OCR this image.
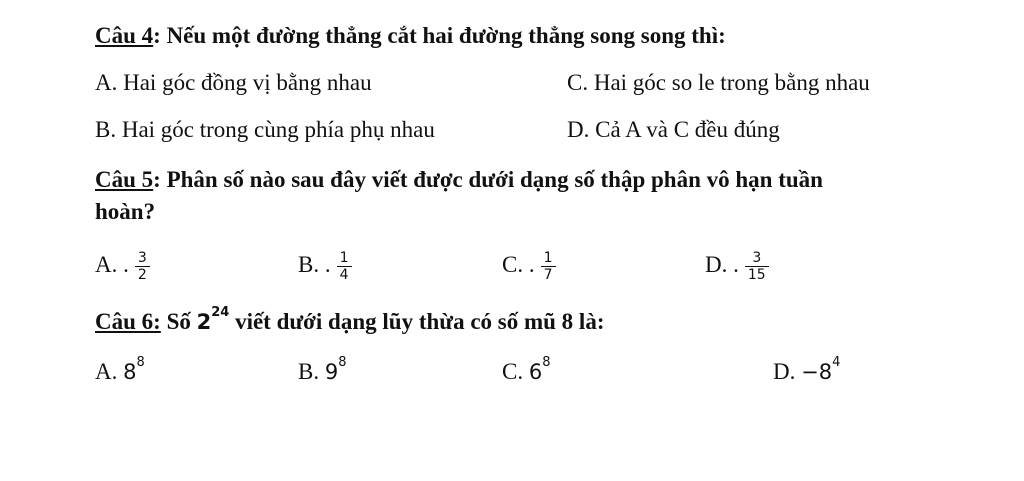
Câu 4: Nếu một đường thẳng cắt hai đường thẳng song song thì:
A. Hai góc đồng vị bằng nhau	C. Hai góc so le trong bằng nhau
B. Hai góc trong cùng phía phụ nhau	D. Cả A và C đều đúng
Câu 5: Phân số nào sau đây viết được dưới dạng số thập phân vô hạn tuần
hoàn?
A. . $\frac{3}{2}$	B. . $\frac{1}{4}$	C. . $\frac{1}{7}$	D. . $\frac{3}{15}$
Câu 6: Số $2^{24}$ viết dưới dạng lũy thừa có số mũ 8 là:
A. $8^8$	B. $9^8$	C. $6^8$	D. $-8^4$
